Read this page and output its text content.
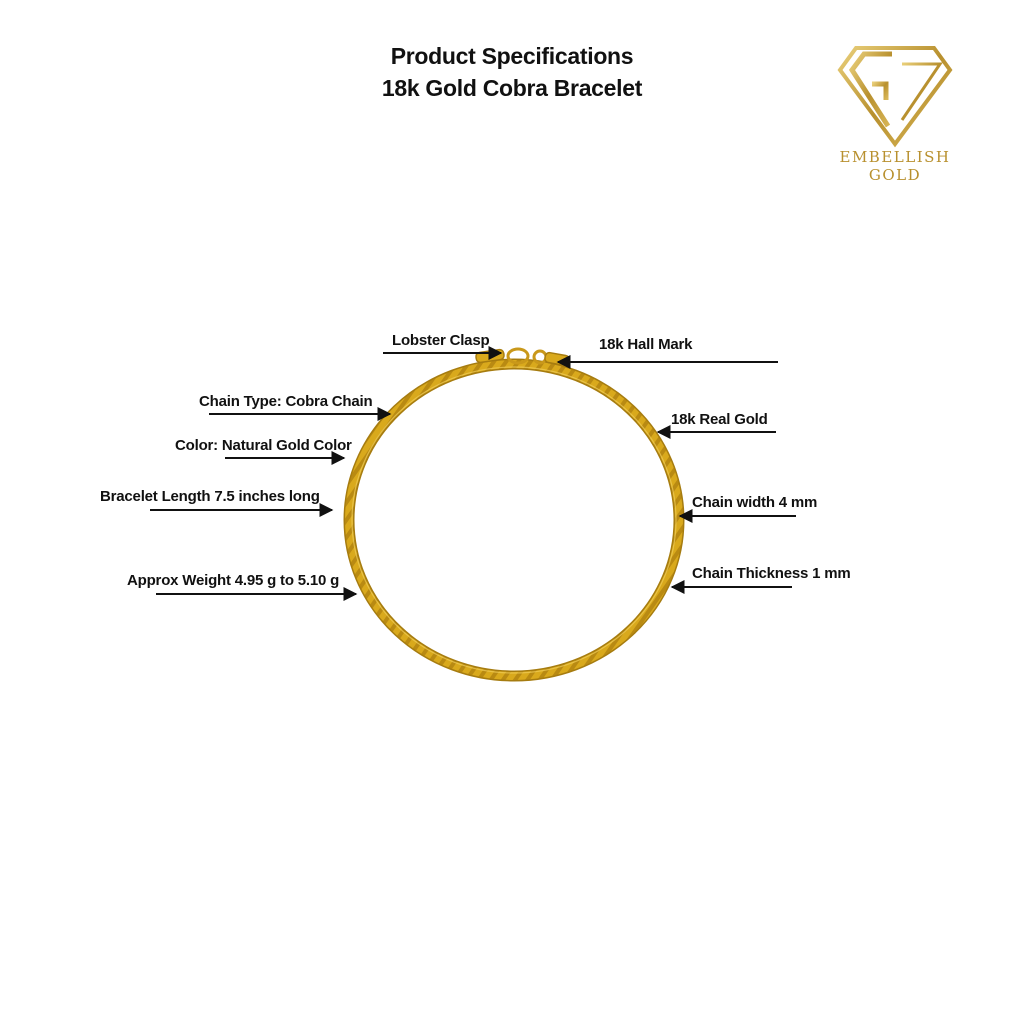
Product Specifications
18k Gold Cobra Bracelet
EMBELLISH
GOLD
Lobster Clasp	18k Hall Mark
Chain Type: Cobra Chain
18k Real Gold
Color: Natural Gold Color
Bracelet Length 7.5 inches long	Chain width 4 mm
Approx Weight 4.95 g to 5.10 g	Chain Thickness 1 mm
